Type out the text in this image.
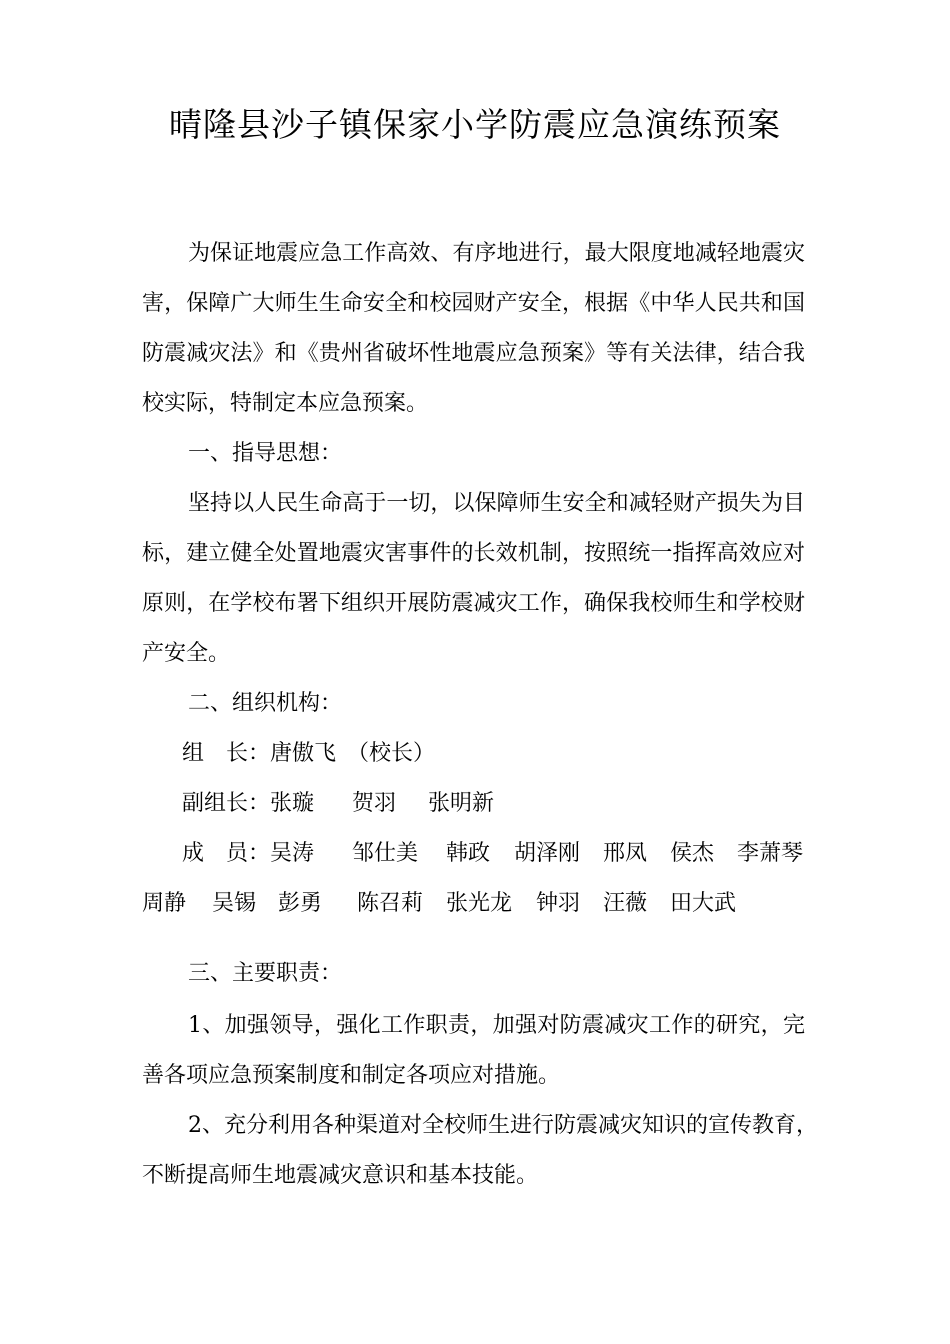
晴隆县沙子镇保家小学防震应急演练预案
为保证地震应急工作高效、有序地进行，最大限度地减轻地震灾
害，保障广大师生生命安全和校园财产安全，根据《中华人民共和国
防震减灾法》和《贵州省破坏性地震应急预案》等有关法律，结合我
校实际，特制定本应急预案。
一、指导思想：
坚持以人民生命高于一切，以保障师生安全和减轻财产损失为目
标，建立健全处置地震灾害事件的长效机制，按照统一指挥高效应对
原则，在学校布署下组织开展防震减灾工作，确保我校师生和学校财
产安全。
二、组织机构：
组　长：唐傲飞　（校长）
副组长： 张璇 贺羽 张明新
成　员： 吴涛 邹仕美 韩政 胡泽刚 邢凤 侯杰 李萧琴
周静 吴锡 彭勇 陈召莉 张光龙 钟羽 汪薇 田大武
三、主要职责：
1、加强领导，强化工作职责，加强对防震减灾工作的研究，完
善各项应急预案制度和制定各项应对措施。
2、充分利用各种渠道对全校师生进行防震减灾知识的宣传教育，
不断提高师生地震减灾意识和基本技能。
